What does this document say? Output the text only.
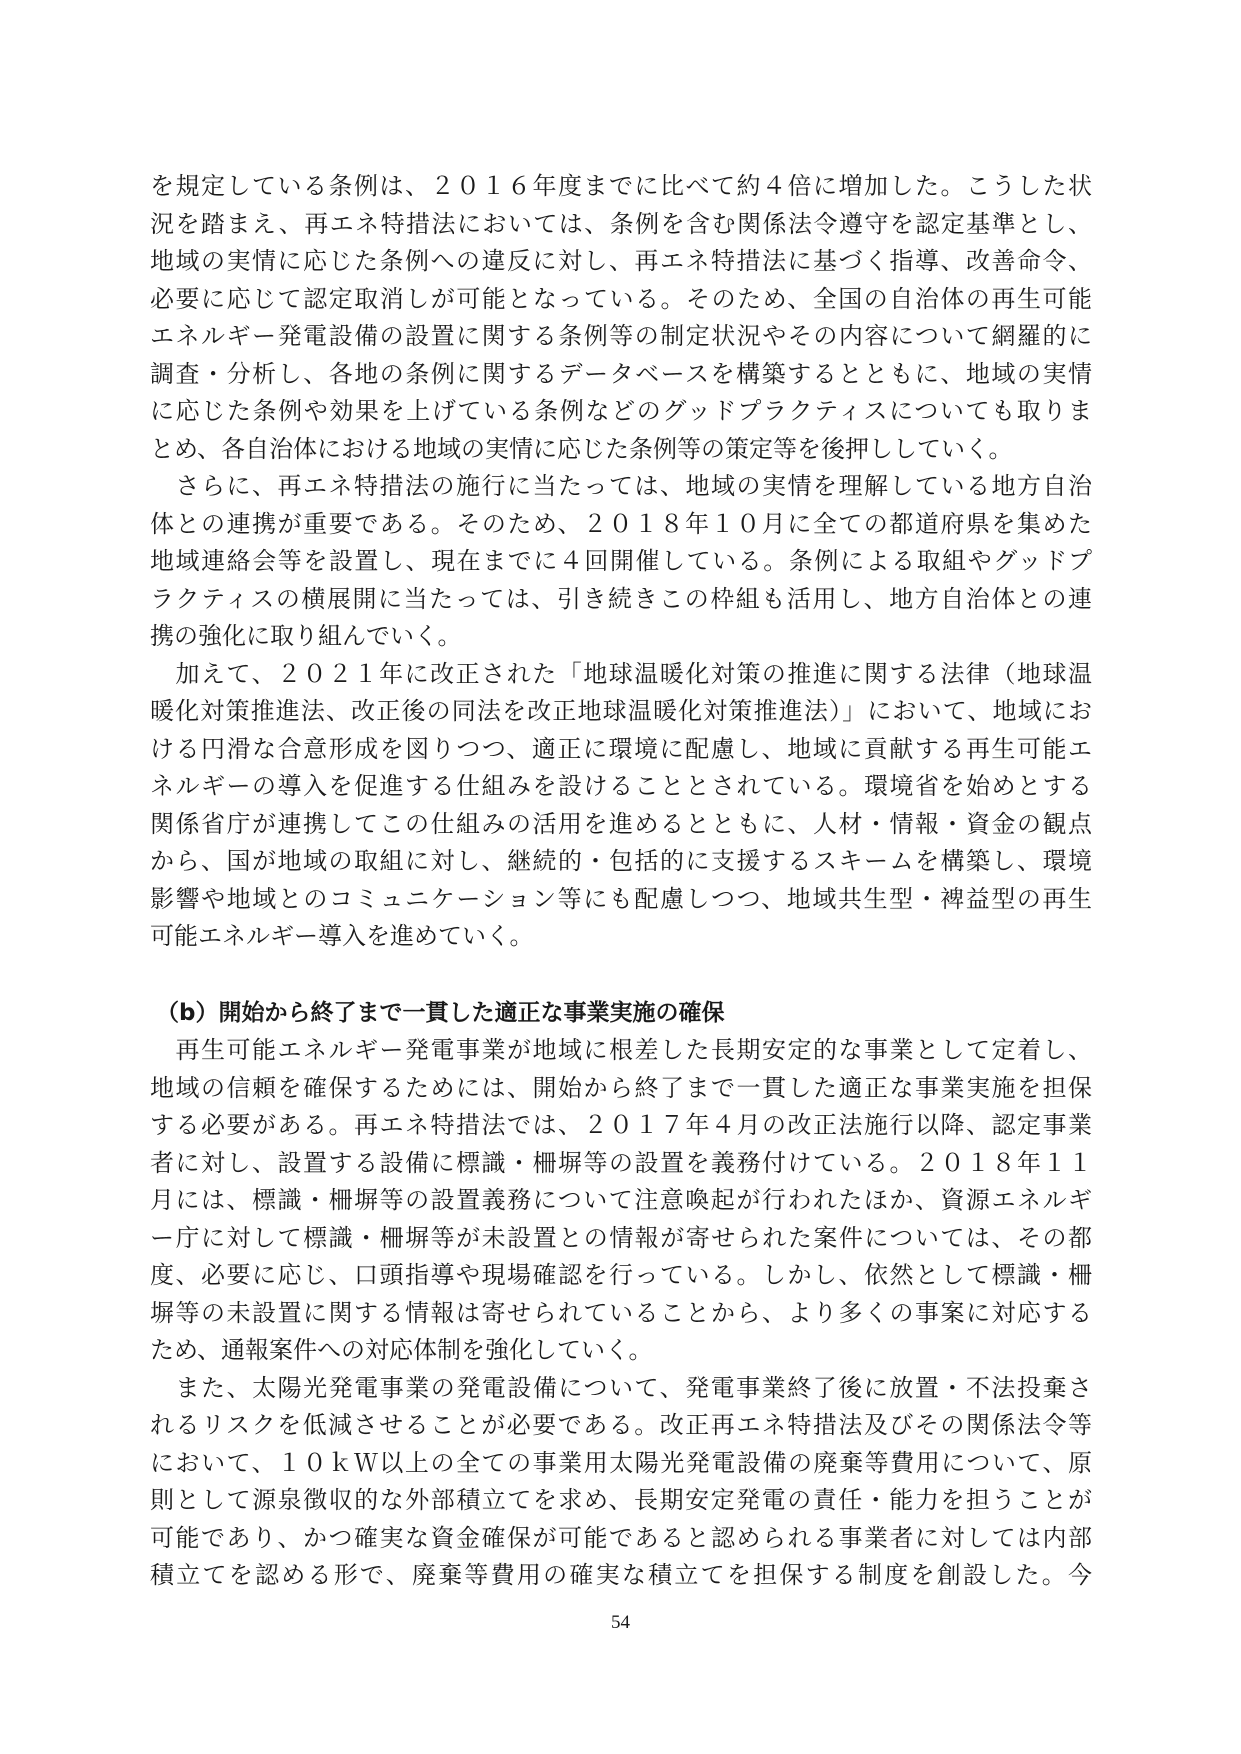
を規定している条例は、２０１６年度までに比べて約４倍に増加した。こうした状
況を踏まえ、再エネ特措法においては、条例を含む関係法令遵守を認定基準とし、
地域の実情に応じた条例への違反に対し、再エネ特措法に基づく指導、改善命令、
必要に応じて認定取消しが可能となっている。そのため、全国の自治体の再生可能
エネルギー発電設備の設置に関する条例等の制定状況やその内容について網羅的に
調査・分析し、各地の条例に関するデータベースを構築するとともに、地域の実情
に応じた条例や効果を上げている条例などのグッドプラクティスについても取りま
とめ、各自治体における地域の実情に応じた条例等の策定等を後押ししていく。
　さらに、再エネ特措法の施行に当たっては、地域の実情を理解している地方自治
体との連携が重要である。そのため、２０１８年１０月に全ての都道府県を集めた
地域連絡会等を設置し、現在までに４回開催している。条例による取組やグッドプ
ラクティスの横展開に当たっては、引き続きこの枠組も活用し、地方自治体との連
携の強化に取り組んでいく。
　加えて、２０２１年に改正された「地球温暖化対策の推進に関する法律（地球温
暖化対策推進法、改正後の同法を改正地球温暖化対策推進法）」において、地域にお
ける円滑な合意形成を図りつつ、適正に環境に配慮し、地域に貢献する再生可能エ
ネルギーの導入を促進する仕組みを設けることとされている。環境省を始めとする
関係省庁が連携してこの仕組みの活用を進めるとともに、人材・情報・資金の観点
から、国が地域の取組に対し、継続的・包括的に支援するスキームを構築し、環境
影響や地域とのコミュニケーション等にも配慮しつつ、地域共生型・裨益型の再生
可能エネルギー導入を進めていく。
（b）開始から終了まで一貫した適正な事業実施の確保
　再生可能エネルギー発電事業が地域に根差した長期安定的な事業として定着し、
地域の信頼を確保するためには、開始から終了まで一貫した適正な事業実施を担保
する必要がある。再エネ特措法では、２０１７年４月の改正法施行以降、認定事業
者に対し、設置する設備に標識・柵塀等の設置を義務付けている。２０１８年１１
月には、標識・柵塀等の設置義務について注意喚起が行われたほか、資源エネルギ
ー庁に対して標識・柵塀等が未設置との情報が寄せられた案件については、その都
度、必要に応じ、口頭指導や現場確認を行っている。しかし、依然として標識・柵
塀等の未設置に関する情報は寄せられていることから、より多くの事案に対応する
ため、通報案件への対応体制を強化していく。
　また、太陽光発電事業の発電設備について、発電事業終了後に放置・不法投棄さ
れるリスクを低減させることが必要である。改正再エネ特措法及びその関係法令等
において、１０ｋＷ以上の全ての事業用太陽光発電設備の廃棄等費用について、原
則として源泉徴収的な外部積立てを求め、長期安定発電の責任・能力を担うことが
可能であり、かつ確実な資金確保が可能であると認められる事業者に対しては内部
積立てを認める形で、廃棄等費用の確実な積立てを担保する制度を創設した。今
54
